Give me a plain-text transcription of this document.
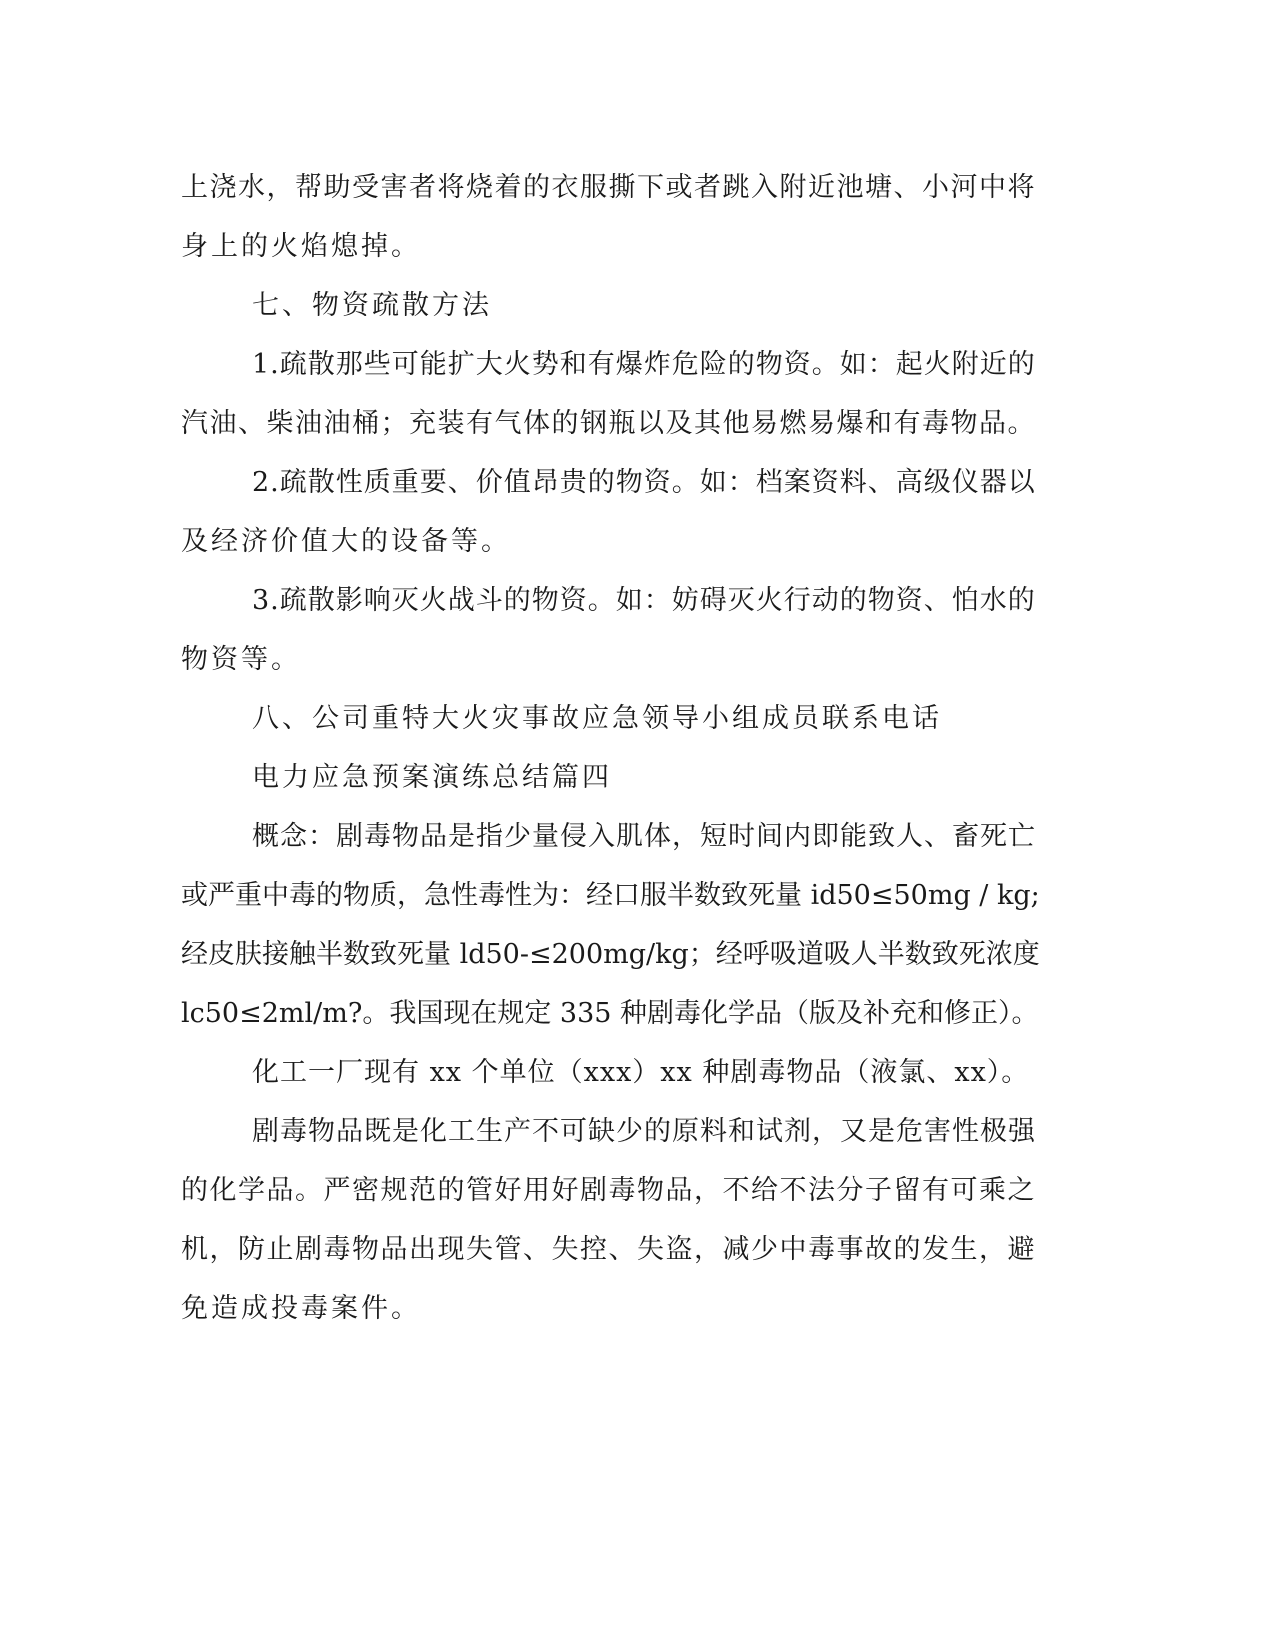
上浇水，帮助受害者将烧着的衣服撕下或者跳入附近池塘、小河中将
身上的火焰熄掉。
七、物资疏散方法
1.疏散那些可能扩大火势和有爆炸危险的物资。如：起火附近的
汽油、柴油油桶；充装有气体的钢瓶以及其他易燃易爆和有毒物品。
2.疏散性质重要、价值昂贵的物资。如：档案资料、高级仪器以
及经济价值大的设备等。
3.疏散影响灭火战斗的物资。如：妨碍灭火行动的物资、怕水的
物资等。
八、公司重特大火灾事故应急领导小组成员联系电话
电力应急预案演练总结篇四
概念：剧毒物品是指少量侵入肌体，短时间内即能致人、畜死亡
或严重中毒的物质，急性毒性为：经口服半数致死量 id50≤50mg / kg;
经皮肤接触半数致死量 ld50-≤200mg/kg；经呼吸道吸人半数致死浓度
lc50≤2ml/m?。我国现在规定 335 种剧毒化学品（版及补充和修正）。
化工一厂现有 xx 个单位（xxx）xx 种剧毒物品（液氯、xx）。
剧毒物品既是化工生产不可缺少的原料和试剂，又是危害性极强
的化学品。严密规范的管好用好剧毒物品，不给不法分子留有可乘之
机，防止剧毒物品出现失管、失控、失盗，减少中毒事故的发生，避
免造成投毒案件。
